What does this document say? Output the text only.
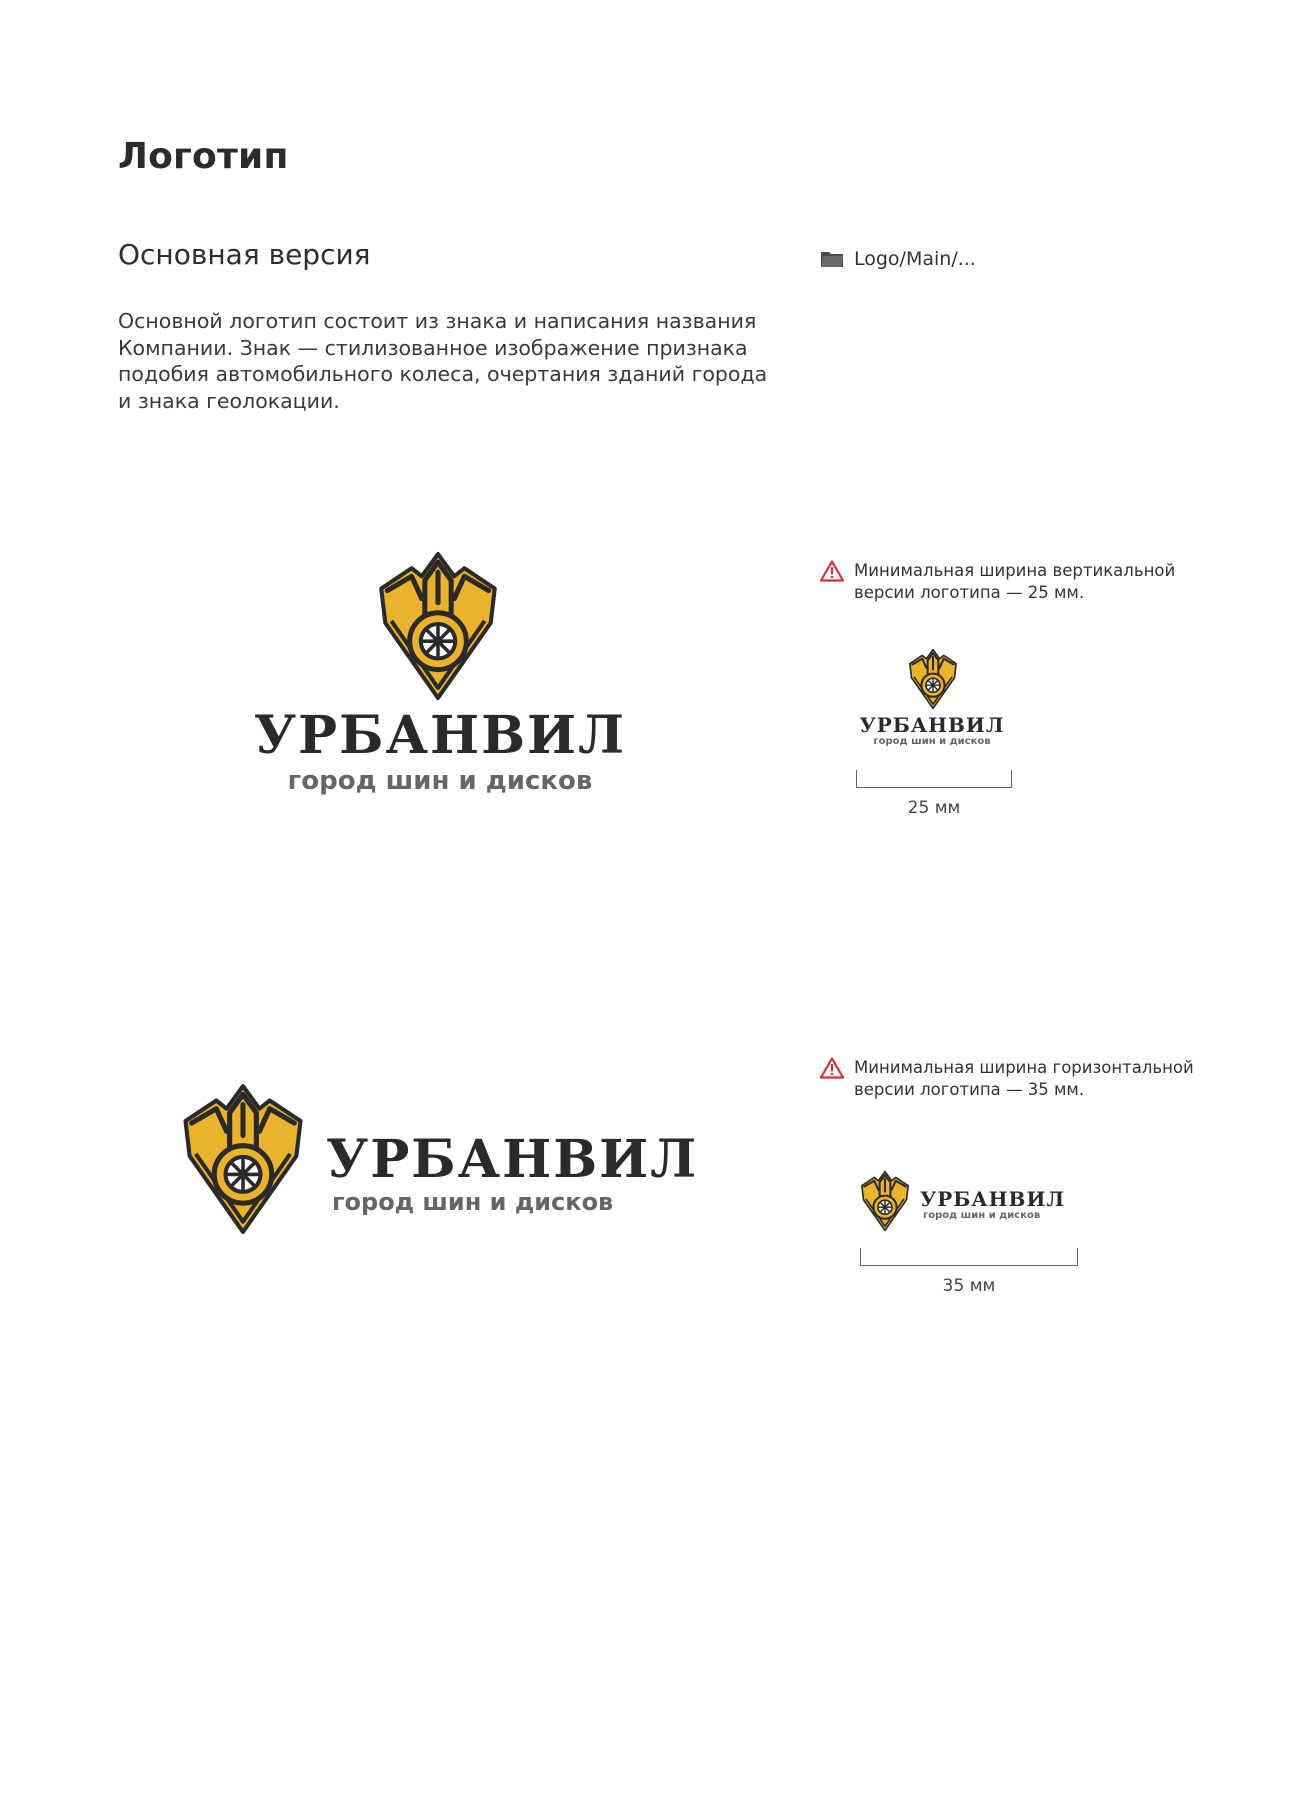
Логотип
Основная версия
Основной логотип состоит из знака и написания названия
Компании. Знак — стилизованное изображение признака
подобия автомобильного колеса, очертания зданий города
и знака геолокации.
Logo/Main/...
УРБАНВИЛ
город шин и дисков
Минимальная ширина вертикальной
версии логотипа — 25 мм.
УРБАНВИЛ
город шин и дисков
25 мм
УРБАНВИЛ
город шин и дисков
Минимальная ширина горизонтальной
версии логотипа — 35 мм.
УРБАНВИЛ
город шин и дисков
35 мм
